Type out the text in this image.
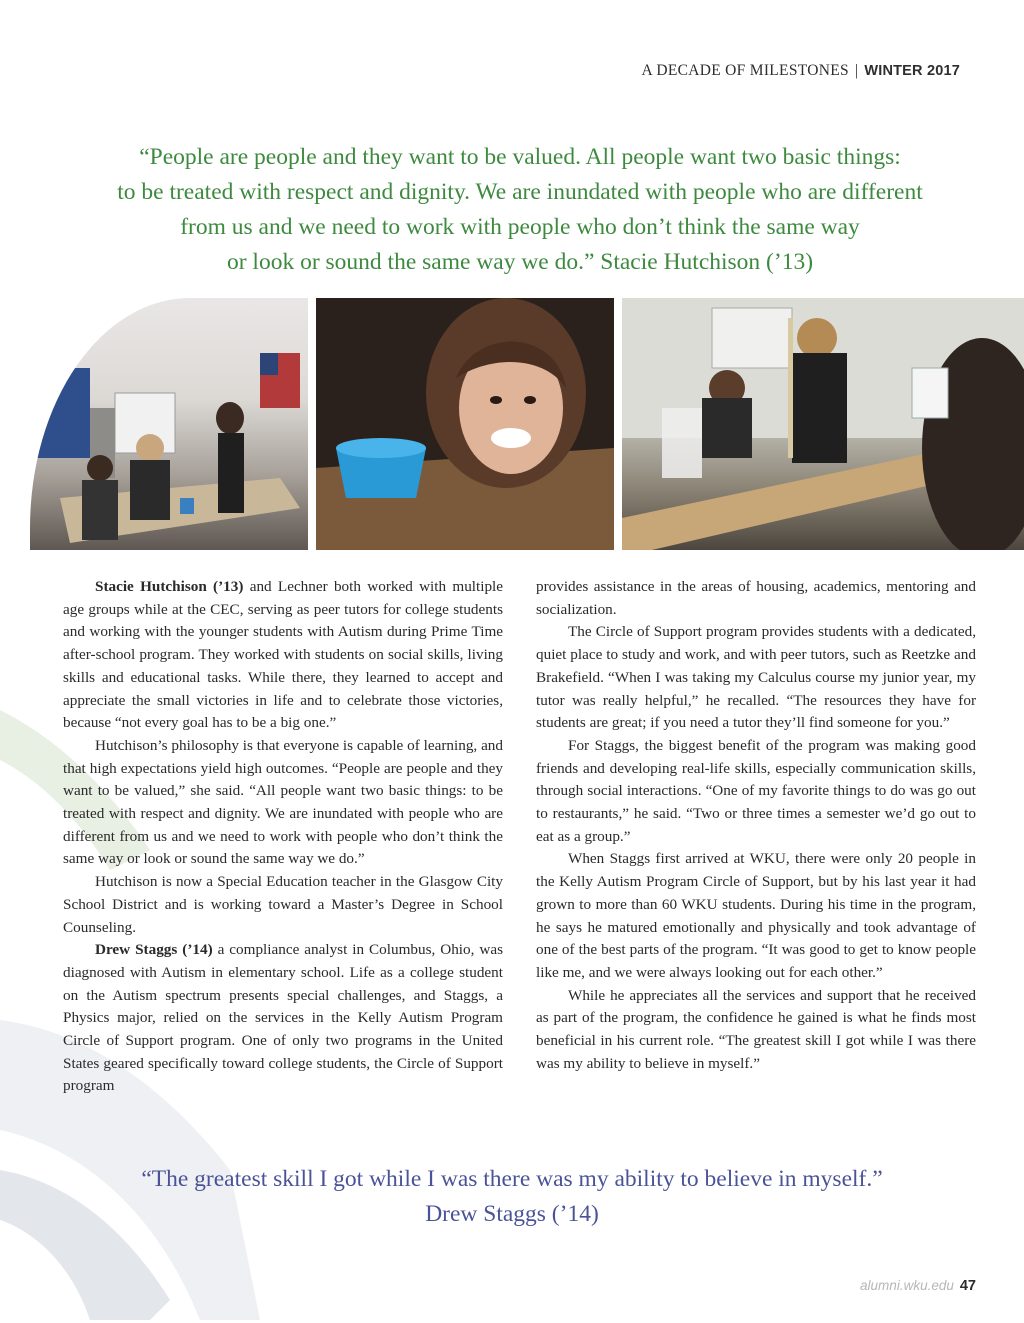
A DECADE OF MILESTONES | WINTER 2017
“People are people and they want to be valued. All people want two basic things:
to be treated with respect and dignity. We are inundated with people who are different
from us and we need to work with people who don’t think the same way
or look or sound the same way we do.” Stacie Hutchison (’13)

Stacie Hutchison (’13) and Lechner both worked with multiple age groups while at the CEC, serving as peer tutors for college students and working with the younger students with Autism during Prime Time after-school program. They worked with students on social skills, living skills and educational tasks. While there, they learned to accept and appreciate the small victories in life and to celebrate those victories, because “not every goal has to be a big one.”

Hutchison’s philosophy is that everyone is capable of learning, and that high expectations yield high outcomes. “People are people and they want to be valued,” she said. “All people want two basic things: to be treated with respect and dignity. We are inundated with people who are different from us and we need to work with people who don’t think the same way or look or sound the same way we do.”

Hutchison is now a Special Education teacher in the Glasgow City School District and is working toward a Master’s Degree in School Counseling.

Drew Staggs (’14) a compliance analyst in Columbus, Ohio, was diagnosed with Autism in elementary school. Life as a college student on the Autism spectrum presents special challenges, and Staggs, a Physics major, relied on the services in the Kelly Autism Program Circle of Support program. One of only two programs in the United States geared specifically toward college students, the Circle of Support program

provides assistance in the areas of housing, academics, mentoring and socialization.

The Circle of Support program provides students with a dedicated, quiet place to study and work, and with peer tutors, such as Reetzke and Brakefield. “When I was taking my Calculus course my junior year, my tutor was really helpful,” he recalled. “The resources they have for students are great; if you need a tutor they’ll find someone for you.”

For Staggs, the biggest benefit of the program was making good friends and developing real-life skills, especially communication skills, through social interactions. “One of my favorite things to do was go out to restaurants,” he said. “Two or three times a semester we’d go out to eat as a group.”

When Staggs first arrived at WKU, there were only 20 people in the Kelly Autism Program Circle of Support, but by his last year it had grown to more than 60 WKU students. During his time in the program, he says he matured emotionally and physically and took advantage of one of the best parts of the program. “It was good to get to know people like me, and we were always looking out for each other.”

While he appreciates all the services and support that he received as part of the program, the confidence he gained is what he finds most beneficial in his current role. “The greatest skill I got while I was there was my ability to believe in myself.”

“The greatest skill I got while I was there was my ability to believe in myself.”
Drew Staggs (’14)
alumni.wku.edu 47
